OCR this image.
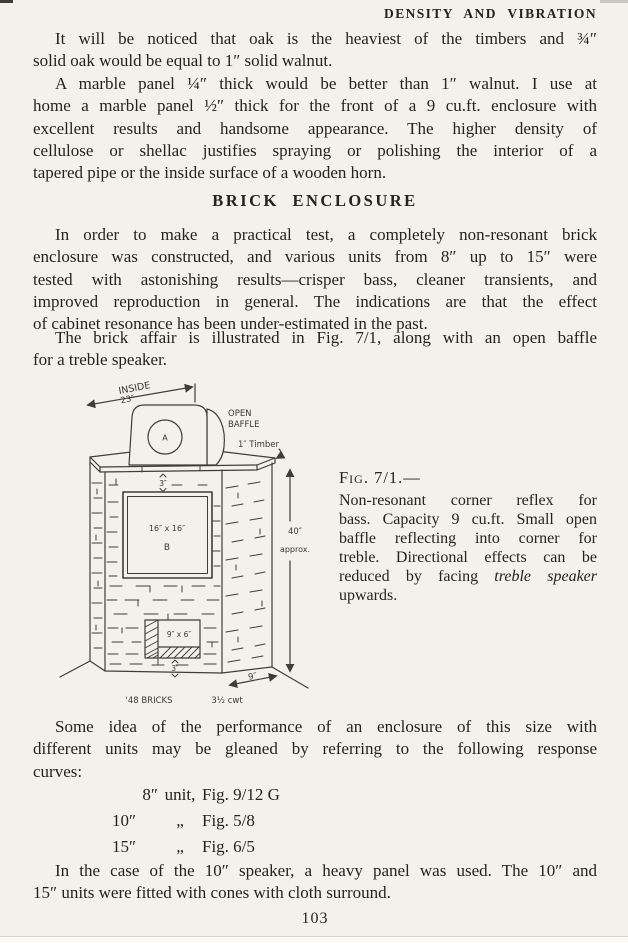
DENSITY AND VIBRATION
It will be noticed that oak is the heaviest of the timbers and ¾″
solid oak would be equal to 1″ solid walnut.
A marble panel ¼″ thick would be better than 1″ walnut. I use at
home a marble panel ½″ thick for the front of a 9 cu.ft. enclosure with
excellent results and handsome appearance. The higher density of
cellulose or shellac justifies spraying or polishing the interior of a
tapered pipe or the inside surface of a wooden horn.
BRICK ENCLOSURE
In order to make a practical test, a completely non-resonant brick
enclosure was constructed, and various units from 8″ up to 15″ were
tested with astonishing results—crisper bass, cleaner transients, and
improved reproduction in general. The indications are that the effect
of cabinet resonance has been under-estimated in the past.
The brick affair is illustrated in Fig. 7/1, along with an open baffle
for a treble speaker.
INSIDE
23″
OPEN
BAFFLE
1″ Timber
A
3″
16″ x 16″
B
40″
approx.
9″ x 6″
3″
9″
'48 BRICKS	3½ cwt
Fig. 7/1.—
Non-resonant corner reflex for
bass. Capacity 9 cu.ft. Small open
baffle reflecting into corner for
treble. Directional effects can be
reduced by facing treble speaker
upwards.
Some idea of the performance of an enclosure of this size with
different units may be gleaned by referring to the following response
curves:
8″ unit, Fig. 9/12 G
10″	„	Fig. 5/8
15″	„	Fig. 6/5
In the case of the 10″ speaker, a heavy panel was used. The 10″ and
15″ units were fitted with cones with cloth surround.
103
